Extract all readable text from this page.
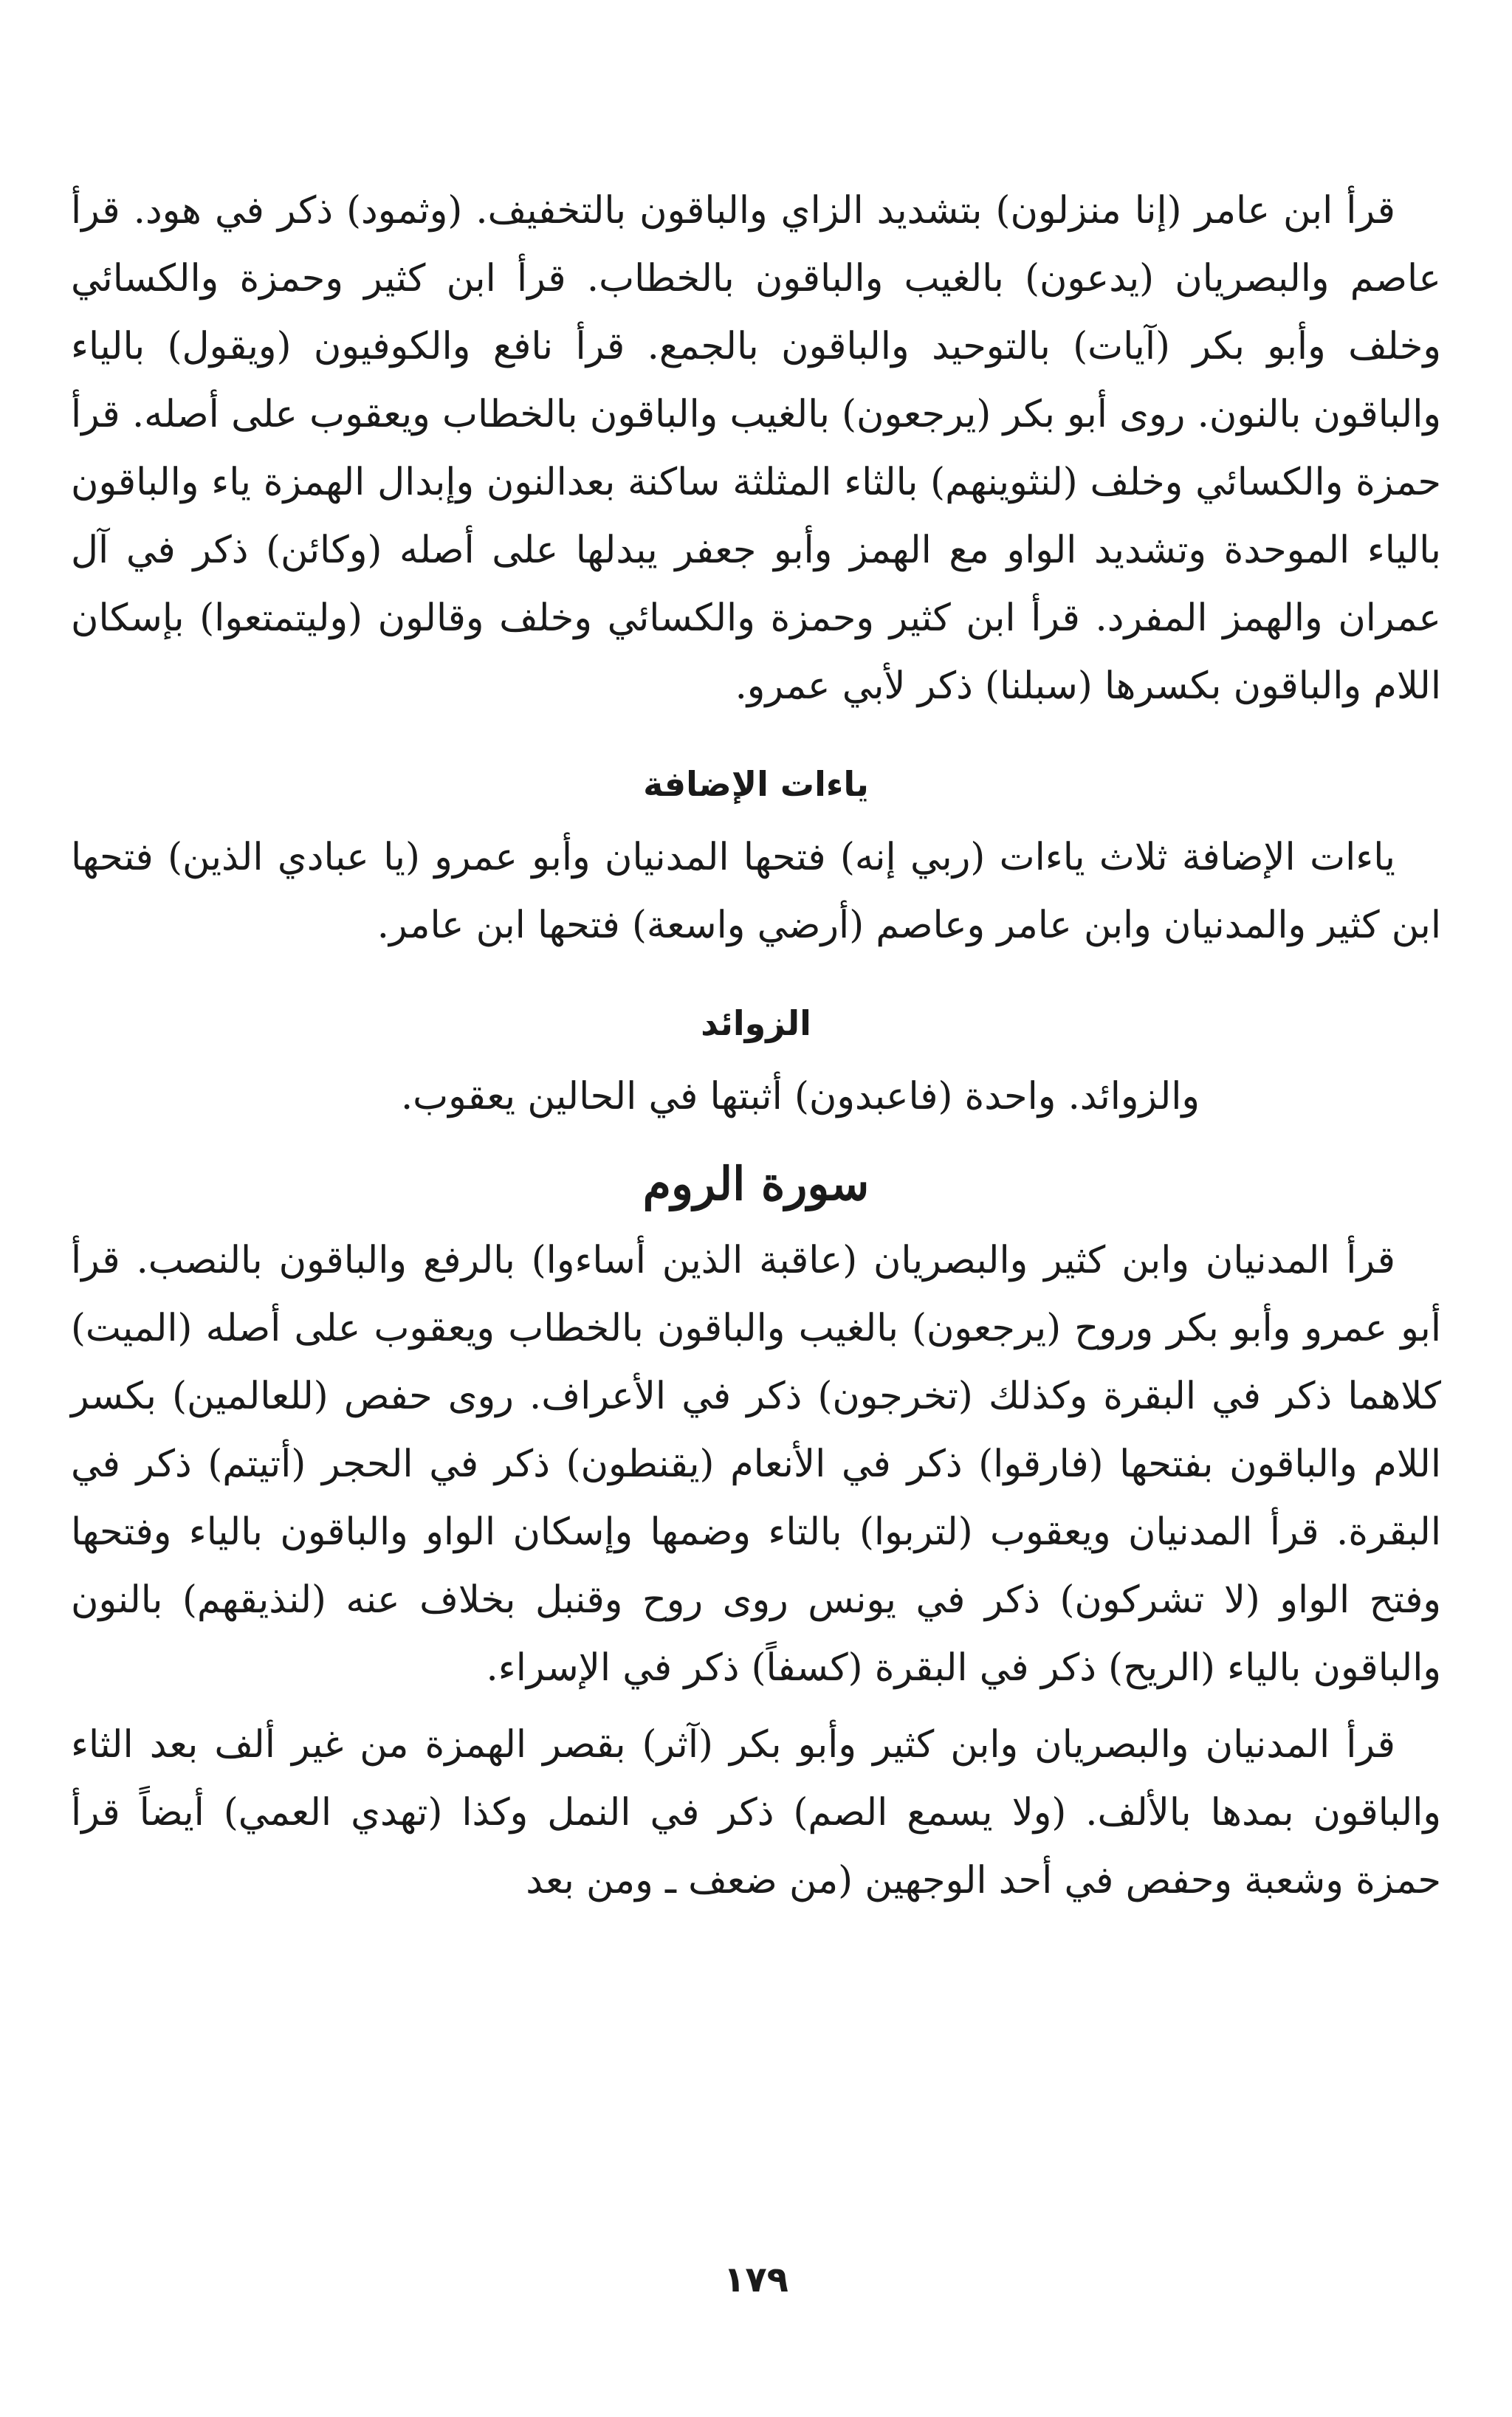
قرأ ابن عامر (إنا منزلون) بتشديد الزاي والباقون بالتخفيف. (وثمود) ذكر في هود. قرأ عاصم والبصريان (يدعون) بالغيب والباقون بالخطاب. قرأ ابن كثير وحمزة والكسائي وخلف وأبو بكر (آيات) بالتوحيد والباقون بالجمع. قرأ نافع والكوفيون (ويقول) بالياء والباقون بالنون. روى أبو بكر (يرجعون) بالغيب والباقون بالخطاب ويعقوب على أصله. قرأ حمزة والكسائي وخلف (لنثوينهم) بالثاء المثلثة ساكنة بعدالنون وإبدال الهمزة ياء والباقون بالياء الموحدة وتشديد الواو مع الهمز وأبو جعفر يبدلها على أصله (وكائن) ذكر في آل عمران والهمز المفرد. قرأ ابن كثير وحمزة والكسائي وخلف وقالون (وليتمتعوا) بإسكان اللام والباقون بكسرها (سبلنا) ذكر لأبي عمرو.

ياءات الإضافة

ياءات الإضافة ثلاث ياءات (ربي إنه) فتحها المدنيان وأبو عمرو (يا عبادي الذين) فتحها ابن كثير والمدنيان وابن عامر وعاصم (أرضي واسعة) فتحها ابن عامر.

الزوائد

والزوائد. واحدة (فاعبدون) أثبتها في الحالين يعقوب.

سورة الروم

قرأ المدنيان وابن كثير والبصريان (عاقبة الذين أساءوا) بالرفع والباقون بالنصب. قرأ أبو عمرو وأبو بكر وروح (يرجعون) بالغيب والباقون بالخطاب ويعقوب على أصله (الميت) كلاهما ذكر في البقرة وكذلك (تخرجون) ذكر في الأعراف. روى حفص (للعالمين) بكسر اللام والباقون بفتحها (فارقوا) ذكر في الأنعام (يقنطون) ذكر في الحجر (أتيتم) ذكر في البقرة. قرأ المدنيان ويعقوب (لتربوا) بالتاء وضمها وإسكان الواو والباقون بالياء وفتحها وفتح الواو (لا تشركون) ذكر في يونس روى روح وقنبل بخلاف عنه (لنذيقهم) بالنون والباقون بالياء (الريح) ذكر في البقرة (كسفاً) ذكر في الإسراء.

قرأ المدنيان والبصريان وابن كثير وأبو بكر (آثر) بقصر الهمزة من غير ألف بعد الثاء والباقون بمدها بالألف. (ولا يسمع الصم) ذكر في النمل وكذا (تهدي العمي) أيضاً قرأ حمزة وشعبة وحفص في أحد الوجهين (من ضعف ـ ومن بعد

١٧٩
